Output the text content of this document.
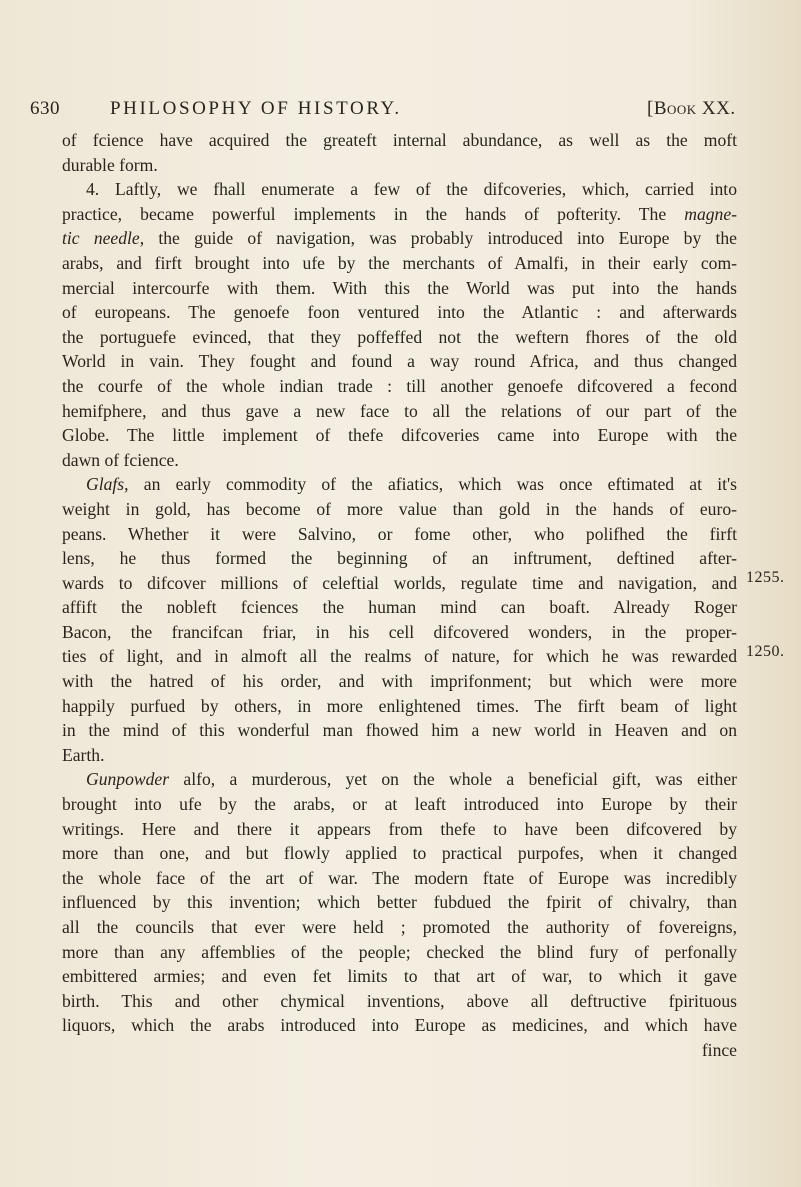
630	PHILOSOPHY OF HISTORY.	[Book XX.
of fcience have acquired the greateft internal abundance, as well as the moft
durable form.
4. Laftly, we fhall enumerate a few of the difcoveries, which, carried into
practice, became powerful implements in the hands of pofterity. The magne-
tic needle, the guide of navigation, was probably introduced into Europe by the
arabs, and firft brought into ufe by the merchants of Amalfi, in their early com-
mercial intercourfe with them. With this the World was put into the hands
of europeans. The genoefe foon ventured into the Atlantic : and afterwards
the portuguefe evinced, that they poffeffed not the weftern fhores of the old
World in vain. They fought and found a way round Africa, and thus changed
the courfe of the whole indian trade : till another genoefe difcovered a fecond
hemifphere, and thus gave a new face to all the relations of our part of the
Globe. The little implement of thefe difcoveries came into Europe with the
dawn of fcience.
Glafs, an early commodity of the afiatics, which was once eftimated at it's
weight in gold, has become of more value than gold in the hands of euro-
peans. Whether it were Salvino, or fome other, who polifhed the firft
lens, he thus formed the beginning of an inftrument, deftined after-
wards to difcover millions of celeftial worlds, regulate time and navigation, and
affift the nobleft fciences the human mind can boaft. Already Roger
Bacon, the francifcan friar, in his cell difcovered wonders, in the proper-
ties of light, and in almoft all the realms of nature, for which he was rewarded
with the hatred of his order, and with imprifonment; but which were more
happily purfued by others, in more enlightened times. The firft beam of light
in the mind of this wonderful man fhowed him a new world in Heaven and on
Earth.
Gunpowder alfo, a murderous, yet on the whole a beneficial gift, was either
brought into ufe by the arabs, or at leaft introduced into Europe by their
writings. Here and there it appears from thefe to have been difcovered by
more than one, and but flowly applied to practical purpofes, when it changed
the whole face of the art of war. The modern ftate of Europe was incredibly
influenced by this invention; which better fubdued the fpirit of chivalry, than
all the councils that ever were held ; promoted the authority of fovereigns,
more than any affemblies of the people; checked the blind fury of perfonally
embittered armies; and even fet limits to that art of war, to which it gave
birth. This and other chymical inventions, above all deftructive fpirituous
liquors, which the arabs introduced into Europe as medicines, and which have
fince
1255.
1250.
